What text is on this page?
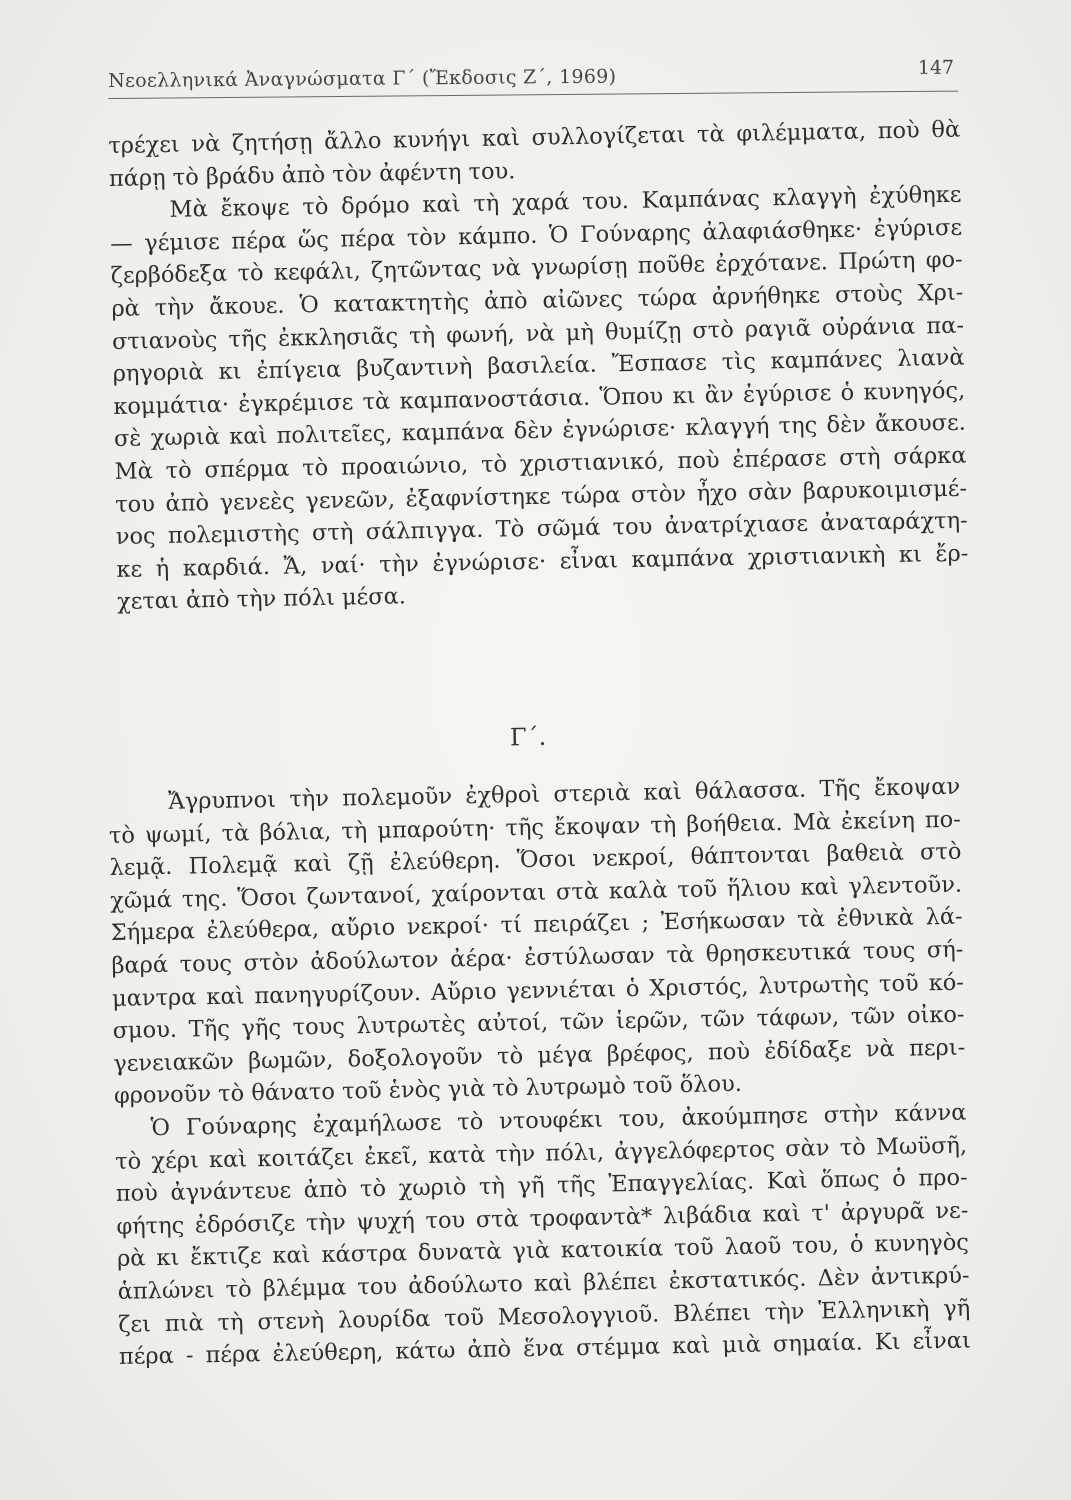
Νεοελληνικά Ἀναγνώσματα Γ΄ (Ἔκδοσις Ζ΄, 1969)	147
τρέχει νὰ ζητήσῃ ἄλλο κυνήγι καὶ συλλογίζεται τὰ φιλέμματα, ποὺ θὰ
πάρῃ τὸ βράδυ ἀπὸ τὸν ἀφέντη του.
Μὰ ἔκοψε τὸ δρόμο καὶ τὴ χαρά του. Καμπάνας κλαγγὴ ἐχύθηκε
— γέμισε πέρα ὥς πέρα τὸν κάμπο. Ὁ Γούναρης ἀλαφιάσθηκε· ἐγύρισε
ζερβόδεξα τὸ κεφάλι, ζητῶντας νὰ γνωρίσῃ ποῦθε ἐρχότανε. Πρώτη φο-
ρὰ τὴν ἄκουε. Ὁ κατακτητὴς ἀπὸ αἰῶνες τώρα ἀρνήθηκε στοὺς Χρι-
στιανοὺς τῆς ἐκκλησιᾶς τὴ φωνή, νὰ μὴ θυμίζῃ στὸ ραγιᾶ οὐράνια πα-
ρηγοριὰ κι ἐπίγεια βυζαντινὴ βασιλεία. Ἔσπασε τὶς καμπάνες λιανὰ
κομμάτια· ἐγκρέμισε τὰ καμπανοστάσια. Ὅπου κι ἂν ἐγύρισε ὁ κυνηγός,
σὲ χωριὰ καὶ πολιτεῖες, καμπάνα δὲν ἐγνώρισε· κλαγγή της δὲν ἄκουσε.
Μὰ τὸ σπέρμα τὸ προαιώνιο, τὸ χριστιανικό, ποὺ ἐπέρασε στὴ σάρκα
του ἀπὸ γενεὲς γενεῶν, ἐξαφνίστηκε τώρα στὸν ἦχο σὰν βαρυκοιμισμέ-
νος πολεμιστὴς στὴ σάλπιγγα. Τὸ σῶμά του ἀνατρίχιασε ἀναταράχτη-
κε ἡ καρδιά. Ἄ, ναί· τὴν ἐγνώρισε· εἶναι καμπάνα χριστιανικὴ κι ἔρ-
χεται ἀπὸ τὴν πόλι μέσα.
Γ΄.
Ἄγρυπνοι τὴν πολεμοῦν ἐχθροὶ στεριὰ καὶ θάλασσα. Τῆς ἔκοψαν
τὸ ψωμί, τὰ βόλια, τὴ μπαρούτη· τῆς ἔκοψαν τὴ βοήθεια. Μὰ ἐκείνη πο-
λεμᾷ. Πολεμᾷ καὶ ζῇ ἐλεύθερη. Ὅσοι νεκροί, θάπτονται βαθειὰ στὸ
χῶμά της. Ὅσοι ζωντανοί, χαίρονται στὰ καλὰ τοῦ ἥλιου καὶ γλεντοῦν.
Σήμερα ἐλεύθερα, αὔριο νεκροί· τί πειράζει ; Ἐσήκωσαν τὰ ἐθνικὰ λά-
βαρά τους στὸν ἀδούλωτον ἀέρα· ἐστύλωσαν τὰ θρησκευτικά τους σή-
μαντρα καὶ πανηγυρίζουν. Αὔριο γεννιέται ὁ Χριστός, λυτρωτὴς τοῦ κό-
σμου. Τῆς γῆς τους λυτρωτὲς αὐτοί, τῶν ἱερῶν, τῶν τάφων, τῶν οἰκο-
γενειακῶν βωμῶν, δοξολογοῦν τὸ μέγα βρέφος, ποὺ ἐδίδαξε νὰ περι-
φρονοῦν τὸ θάνατο τοῦ ἑνὸς γιὰ τὸ λυτρωμὸ τοῦ ὅλου.
Ὁ Γούναρης ἐχαμήλωσε τὸ ντουφέκι του, ἀκούμπησε στὴν κάννα
τὸ χέρι καὶ κοιτάζει ἐκεῖ, κατὰ τὴν πόλι, ἀγγελόφερτος σὰν τὸ Μωϋσῆ,
ποὺ ἀγνάντευε ἀπὸ τὸ χωριὸ τὴ γῆ τῆς Ἐπαγγελίας. Καὶ ὅπως ὁ προ-
φήτης ἐδρόσιζε τὴν ψυχή του στὰ τροφαντὰ* λιβάδια καὶ τ' ἀργυρᾶ νε-
ρὰ κι ἔκτιζε καὶ κάστρα δυνατὰ γιὰ κατοικία τοῦ λαοῦ του, ὁ κυνηγὸς
ἁπλώνει τὸ βλέμμα του ἀδούλωτο καὶ βλέπει ἐκστατικός. Δὲν ἀντικρύ-
ζει πιὰ τὴ στενὴ λουρίδα τοῦ Μεσολογγιοῦ. Βλέπει τὴν Ἑλληνικὴ γῆ
πέρα - πέρα ἐλεύθερη, κάτω ἀπὸ ἕνα στέμμα καὶ μιὰ σημαία. Κι εἶναι
